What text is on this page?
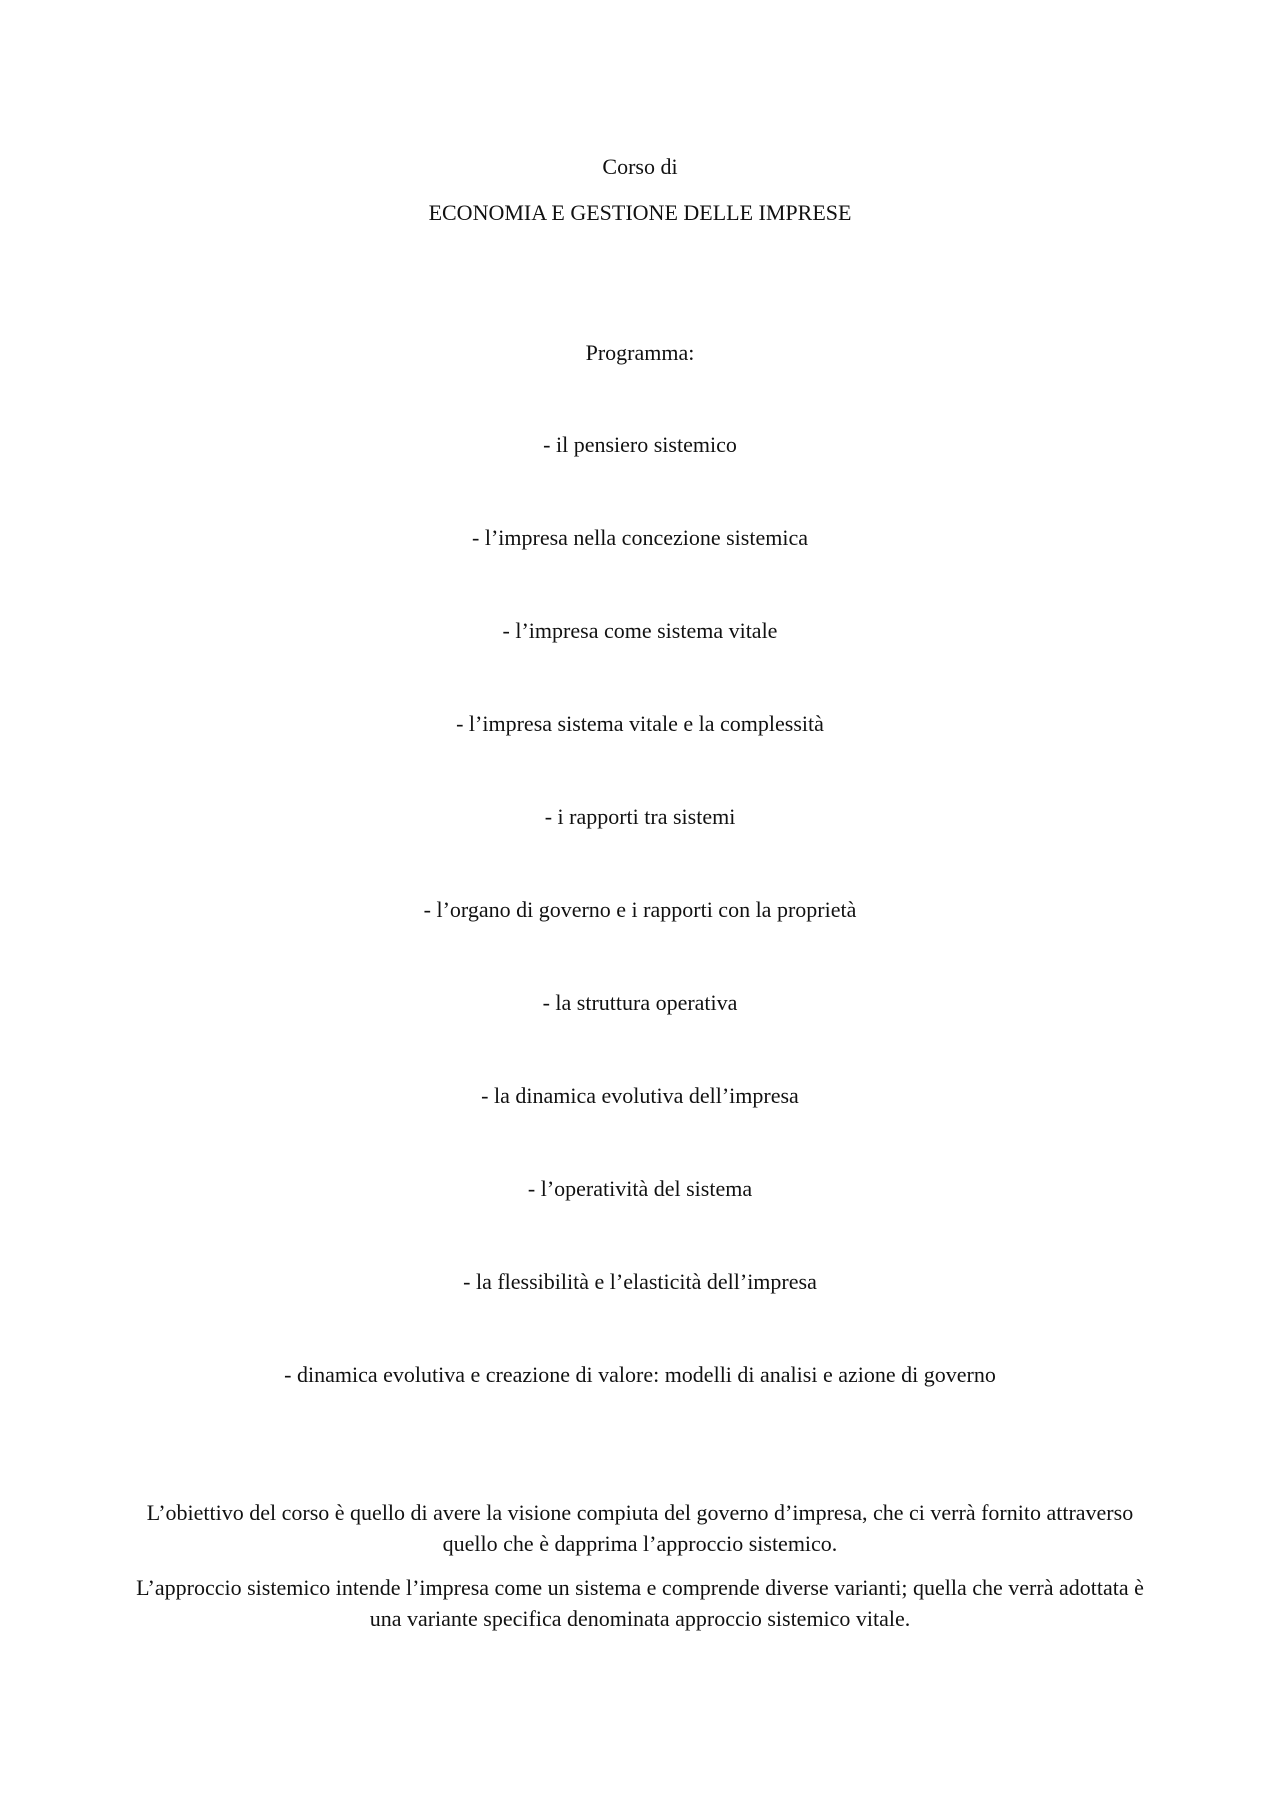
Corso di
ECONOMIA E GESTIONE DELLE IMPRESE
Programma:
- il pensiero sistemico
- l’impresa nella concezione sistemica
- l’impresa come sistema vitale
- l’impresa sistema vitale e la complessità
- i rapporti tra sistemi
- l’organo di governo e i rapporti con la proprietà
- la struttura operativa
- la dinamica evolutiva dell’impresa
- l’operatività del sistema
- la flessibilità e l’elasticità dell’impresa
- dinamica evolutiva e creazione di valore: modelli di analisi e azione di governo

L’obiettivo del corso è quello di avere la visione compiuta del governo d’impresa, che ci verrà fornito attraverso quello che è dapprima l’approccio sistemico.

L’approccio sistemico intende l’impresa come un sistema e comprende diverse varianti; quella che verrà adottata è una variante specifica denominata approccio sistemico vitale.
